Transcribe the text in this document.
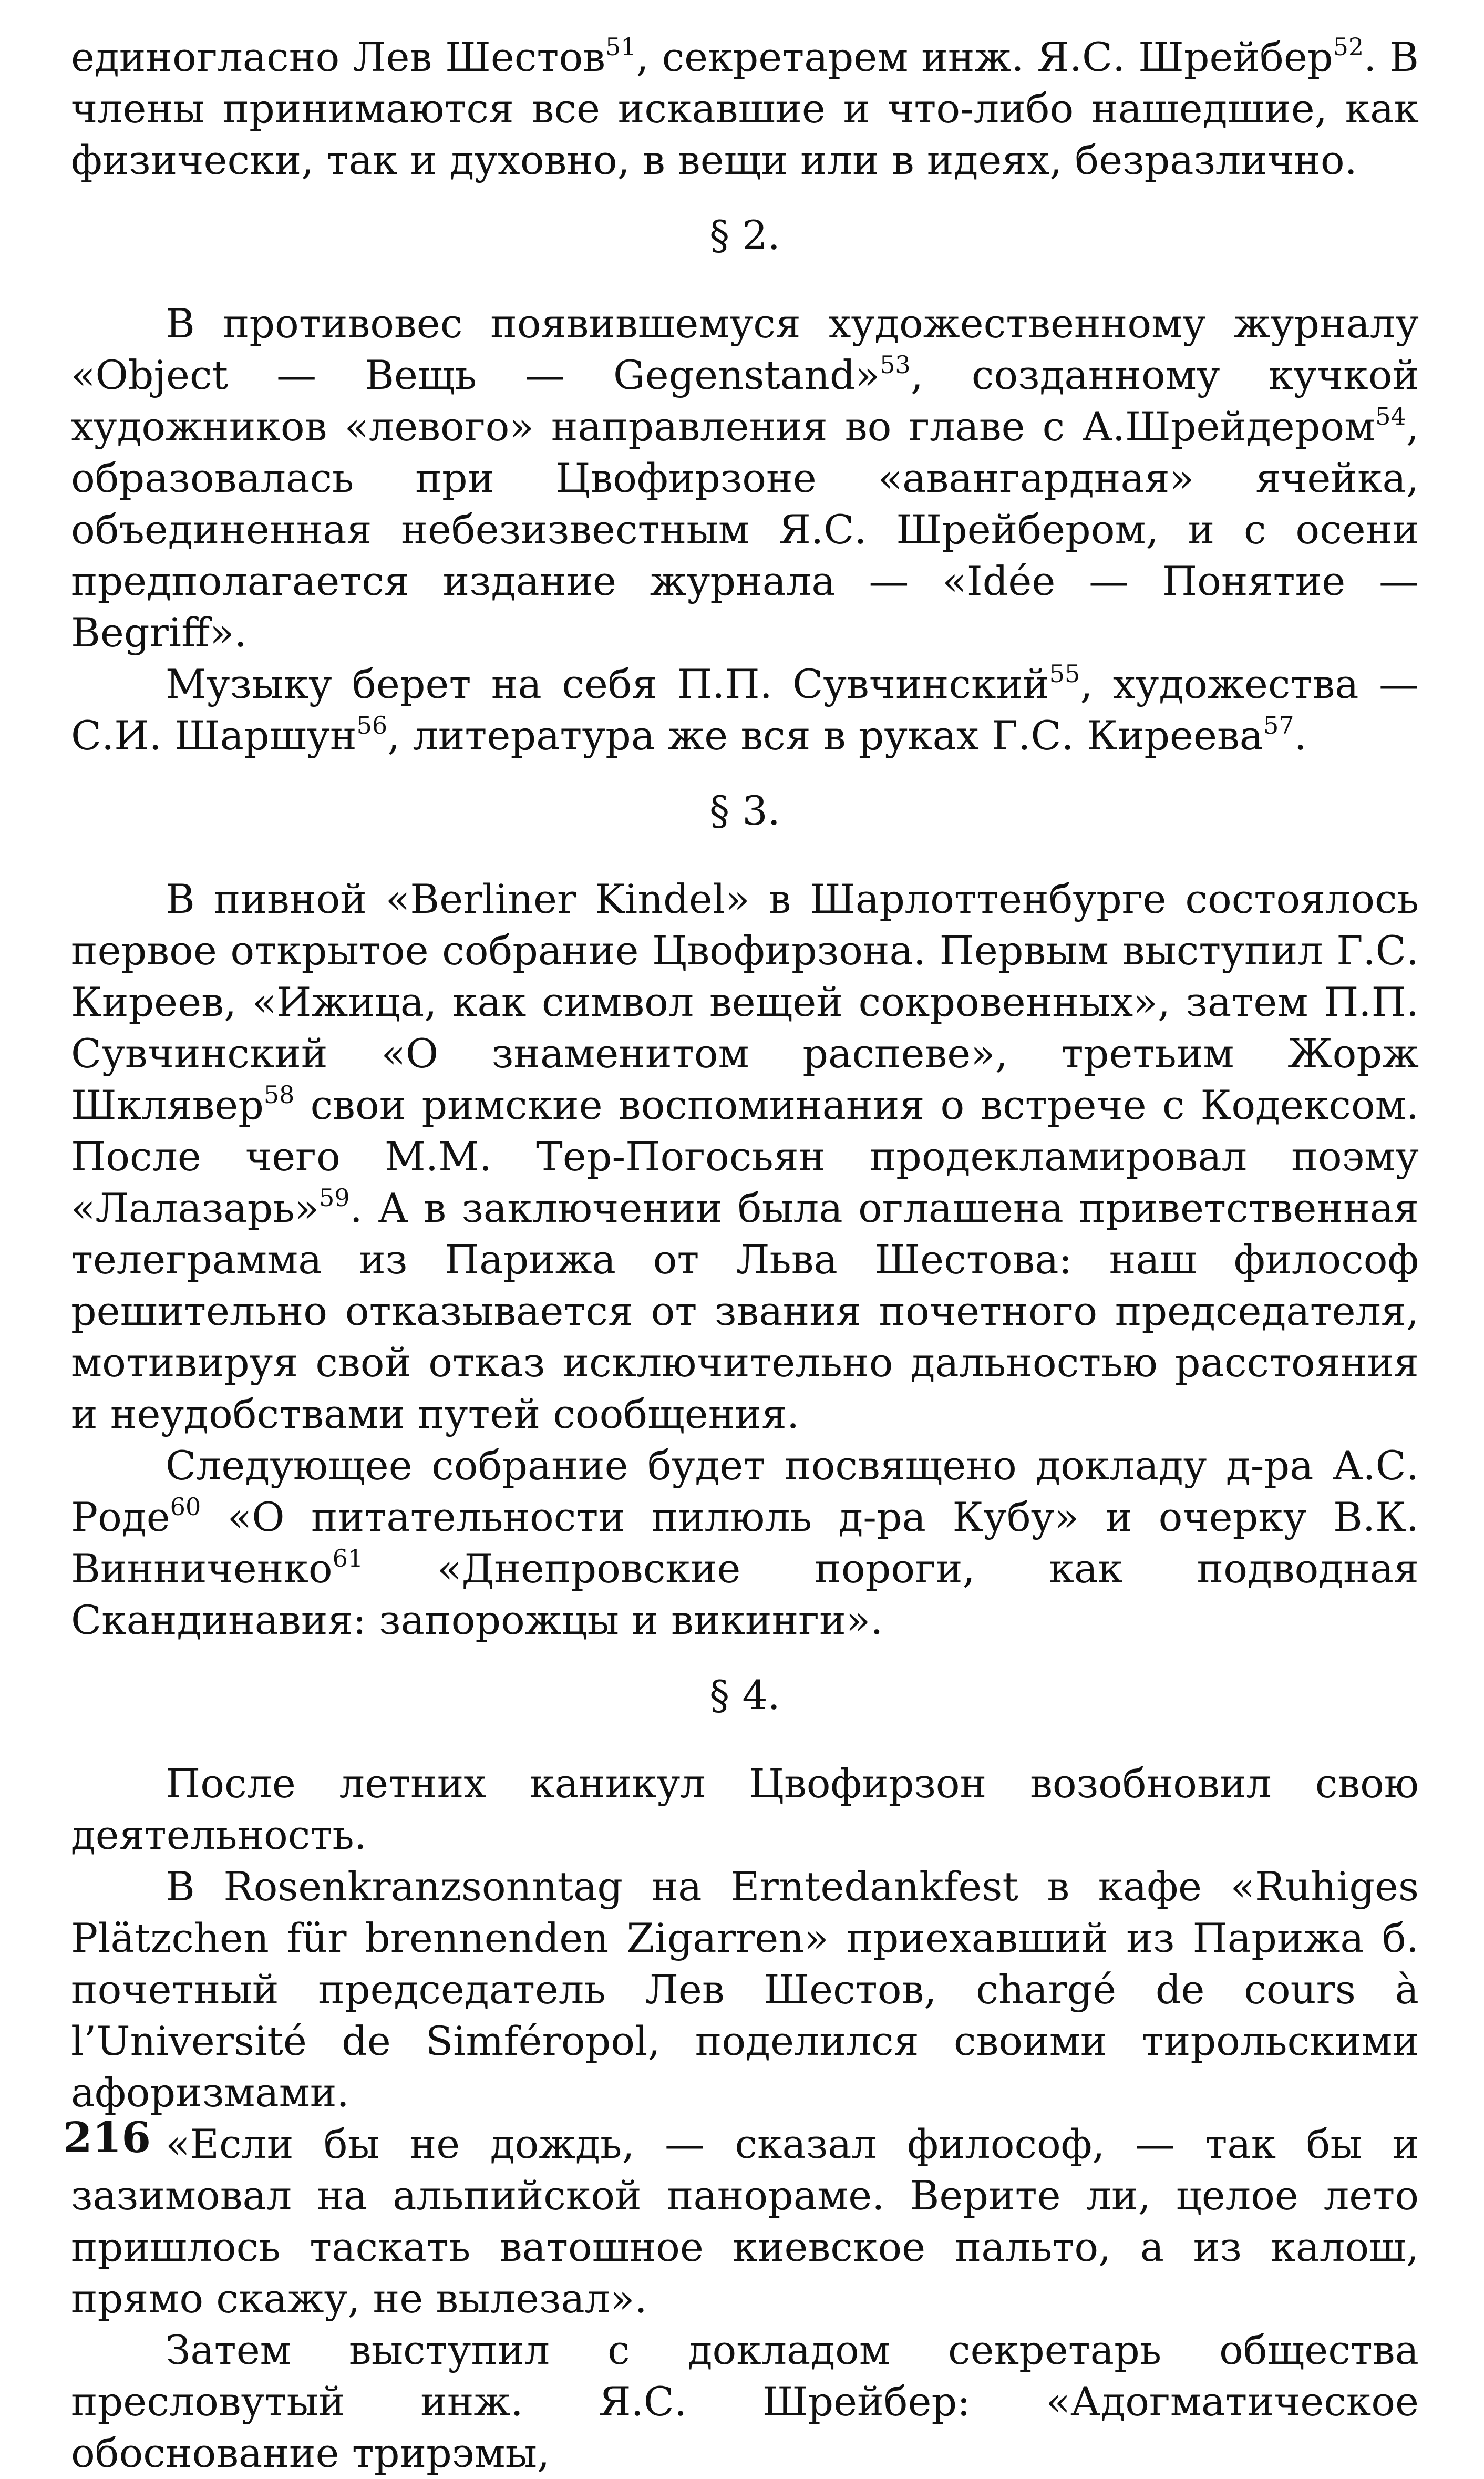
единогласно Лев Шестов$^{51}$, секретарем инж. Я.С. Шрейбер$^{52}$. В члены принимаются все искавшие и что-либо нашедшие, как физически, так и духовно, в вещи или в идеях, безразлично.

§ 2.

В противовес появившемуся художественному журналу «Object — Вещь — Gegenstand»$^{53}$, созданному кучкой художников «левого» направления во главе с А.Шрейдером$^{54}$, образовалась при Цвофирзоне «авангардная» ячейка, объединенная небезизвестным Я.С. Шрейбером, и с осени предполагается издание журнала — «Idée — Понятие — Begriff».

Музыку берет на себя П.П. Сувчинский$^{55}$, художества — С.И. Шаршун$^{56}$, литература же вся в руках Г.С. Киреева$^{57}$.

§ 3.

В пивной «Berliner Kindel» в Шарлоттенбурге состоялось первое открытое собрание Цвофирзона. Первым выступил Г.С. Киреев, «Ижица, как символ вещей сокровенных», затем П.П. Сувчинский «О знаменитом распеве», третьим Жорж Шклявер$^{58}$ свои римские воспоминания о встрече с Кодексом. После чего М.М. Тер-Погосьян продекламировал поэму «Лалазарь»$^{59}$. А в заключении была оглашена приветственная телеграмма из Парижа от Льва Шестова: наш философ решительно отказывается от звания почетного председателя, мотивируя свой отказ исключительно дальностью расстояния и неудобствами путей сообщения.

Следующее собрание будет посвящено докладу д-ра А.С. Роде$^{60}$ «О питательности пилюль д-ра Кубу» и очерку В.К. Винниченко$^{61}$ «Днепровские пороги, как подводная Скандинавия: запорожцы и викинги».

§ 4.

После летних каникул Цвофирзон возобновил свою деятельность.

В Rosenkranzsonntag на Erntedankfest в кафе «Ruhiges Plätzchen für brennenden Zigarren» приехавший из Парижа б. почетный председатель Лев Шестов, chargé de cours à l’Université de Simféropol, поделился своими тирольскими афоризмами.

«Если бы не дождь, — сказал философ, — так бы и зазимовал на альпийской панораме. Верите ли, целое лето пришлось таскать ватошное киевское пальто, а из калош, прямо скажу, не вылезал».

Затем выступил с докладом секретарь общества пресловутый инж. Я.С. Шрейбер: «Адогматическое обоснование трирэмы,

216
